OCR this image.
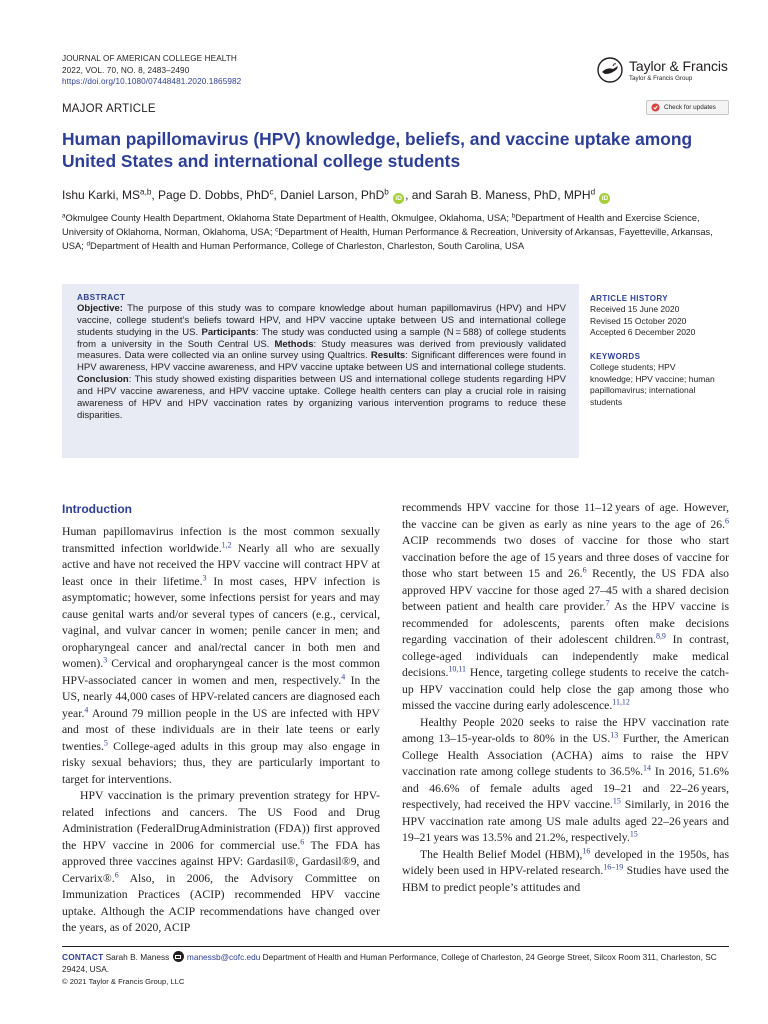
JOURNAL OF AMERICAN COLLEGE HEALTH
2022, VOL. 70, NO. 8, 2483–2490
https://doi.org/10.1080/07448481.2020.1865982
Taylor & Francis
Taylor & Francis Group
MAJOR ARTICLE	Check for updates
Human papillomavirus (HPV) knowledge, beliefs, and vaccine uptake among United States and international college students
Ishu Karki, MS$^{a,b}$, Page D. Dobbs, PhD$^c$, Daniel Larson, PhD$^b$ iD , and Sarah B. Maness, PhD, MPH$^d$ iD
$^a$Okmulgee County Health Department, Oklahoma State Department of Health, Okmulgee, Oklahoma, USA; $^b$Department of Health and Exercise Science, University of Oklahoma, Norman, Oklahoma, USA; $^c$Department of Health, Human Performance & Recreation, University of Arkansas, Fayetteville, Arkansas, USA; $^d$Department of Health and Human Performance, College of Charleston, Charleston, South Carolina, USA
ABSTRACT
Objective: The purpose of this study was to compare knowledge about human papillomavirus (HPV) and HPV vaccine, college student’s beliefs toward HPV, and HPV vaccine uptake between US and international college students studying in the US. Participants: The study was conducted using a sample (N = 588) of college students from a university in the South Central US. Methods: Study measures was derived from previously validated measures. Data were collected via an online survey using Qualtrics. Results: Significant differences were found in HPV awareness, HPV vaccine awareness, and HPV vaccine uptake between US and international college students. Conclusion: This study showed existing disparities between US and international college students regarding HPV and HPV vaccine awareness, and HPV vaccine uptake. College health centers can play a crucial role in raising awareness of HPV and HPV vaccination rates by organizing various intervention programs to reduce these disparities.
ARTICLE HISTORY
Received 15 June 2020
Revised 15 October 2020
Accepted 6 December 2020
KEYWORDS
College students; HPV knowledge; HPV vaccine; human papillomavirus; international students
Introduction

Human papillomavirus infection is the most common sexually transmitted infection worldwide.$^{1,2}$ Nearly all who are sexually active and have not received the HPV vaccine will contract HPV at least once in their lifetime.$^3$ In most cases, HPV infection is asymptomatic; however, some infections persist for years and may cause genital warts and/or several types of cancers (e.g., cervical, vaginal, and vulvar cancer in women; penile cancer in men; and oropharyngeal cancer and anal/rectal cancer in both men and women).$^3$ Cervical and oropharyngeal cancer is the most common HPV-associated cancer in women and men, respectively.$^4$ In the US, nearly 44,000 cases of HPV-related cancers are diagnosed each year.$^4$ Around 79 million people in the US are infected with HPV and most of these individuals are in their late teens or early twenties.$^5$ College-aged adults in this group may also engage in risky sexual behaviors; thus, they are particularly important to target for interventions.

HPV vaccination is the primary prevention strategy for HPV-related infections and cancers. The US Food and Drug Administration (FederalDrugAdministration (FDA)) first approved the HPV vaccine in 2006 for commercial use.$^6$ The FDA has approved three vaccines against HPV: Gardasil®, Gardasil®9, and Cervarix®.$^6$ Also, in 2006, the Advisory Committee on Immunization Practices (ACIP) recommended HPV vaccine uptake. Although the ACIP recommendations have changed over the years, as of 2020, ACIP

recommends HPV vaccine for those 11–12 years of age. However, the vaccine can be given as early as nine years to the age of 26.$^6$ ACIP recommends two doses of vaccine for those who start vaccination before the age of 15 years and three doses of vaccine for those who start between 15 and 26.$^6$ Recently, the US FDA also approved HPV vaccine for those aged 27–45 with a shared decision between patient and health care provider.$^7$ As the HPV vaccine is recommended for adolescents, parents often make decisions regarding vaccination of their adolescent children.$^{8,9}$ In contrast, college-aged individuals can independently make medical decisions.$^{10,11}$ Hence, targeting college students to receive the catch-up HPV vaccination could help close the gap among those who missed the vaccine during early adolescence.$^{11,12}$

Healthy People 2020 seeks to raise the HPV vaccination rate among 13–15-year-olds to 80% in the US.$^{13}$ Further, the American College Health Association (ACHA) aims to raise the HPV vaccination rate among college students to 36.5%.$^{14}$ In 2016, 51.6% and 46.6% of female adults aged 19–21 and 22–26 years, respectively, had received the HPV vaccine.$^{15}$ Similarly, in 2016 the HPV vaccination rate among US male adults aged 22–26 years and 19–21 years was 13.5% and 21.2%, respectively.$^{15}$

The Health Belief Model (HBM),$^{16}$ developed in the 1950s, has widely been used in HPV-related research.$^{16-19}$ Studies have used the HBM to predict people’s attitudes and

CONTACT Sarah B. Maness  manessb@cofc.edu Department of Health and Human Performance, College of Charleston, 24 George Street, Silcox Room 311, Charleston, SC 29424, USA.
© 2021 Taylor & Francis Group, LLC
